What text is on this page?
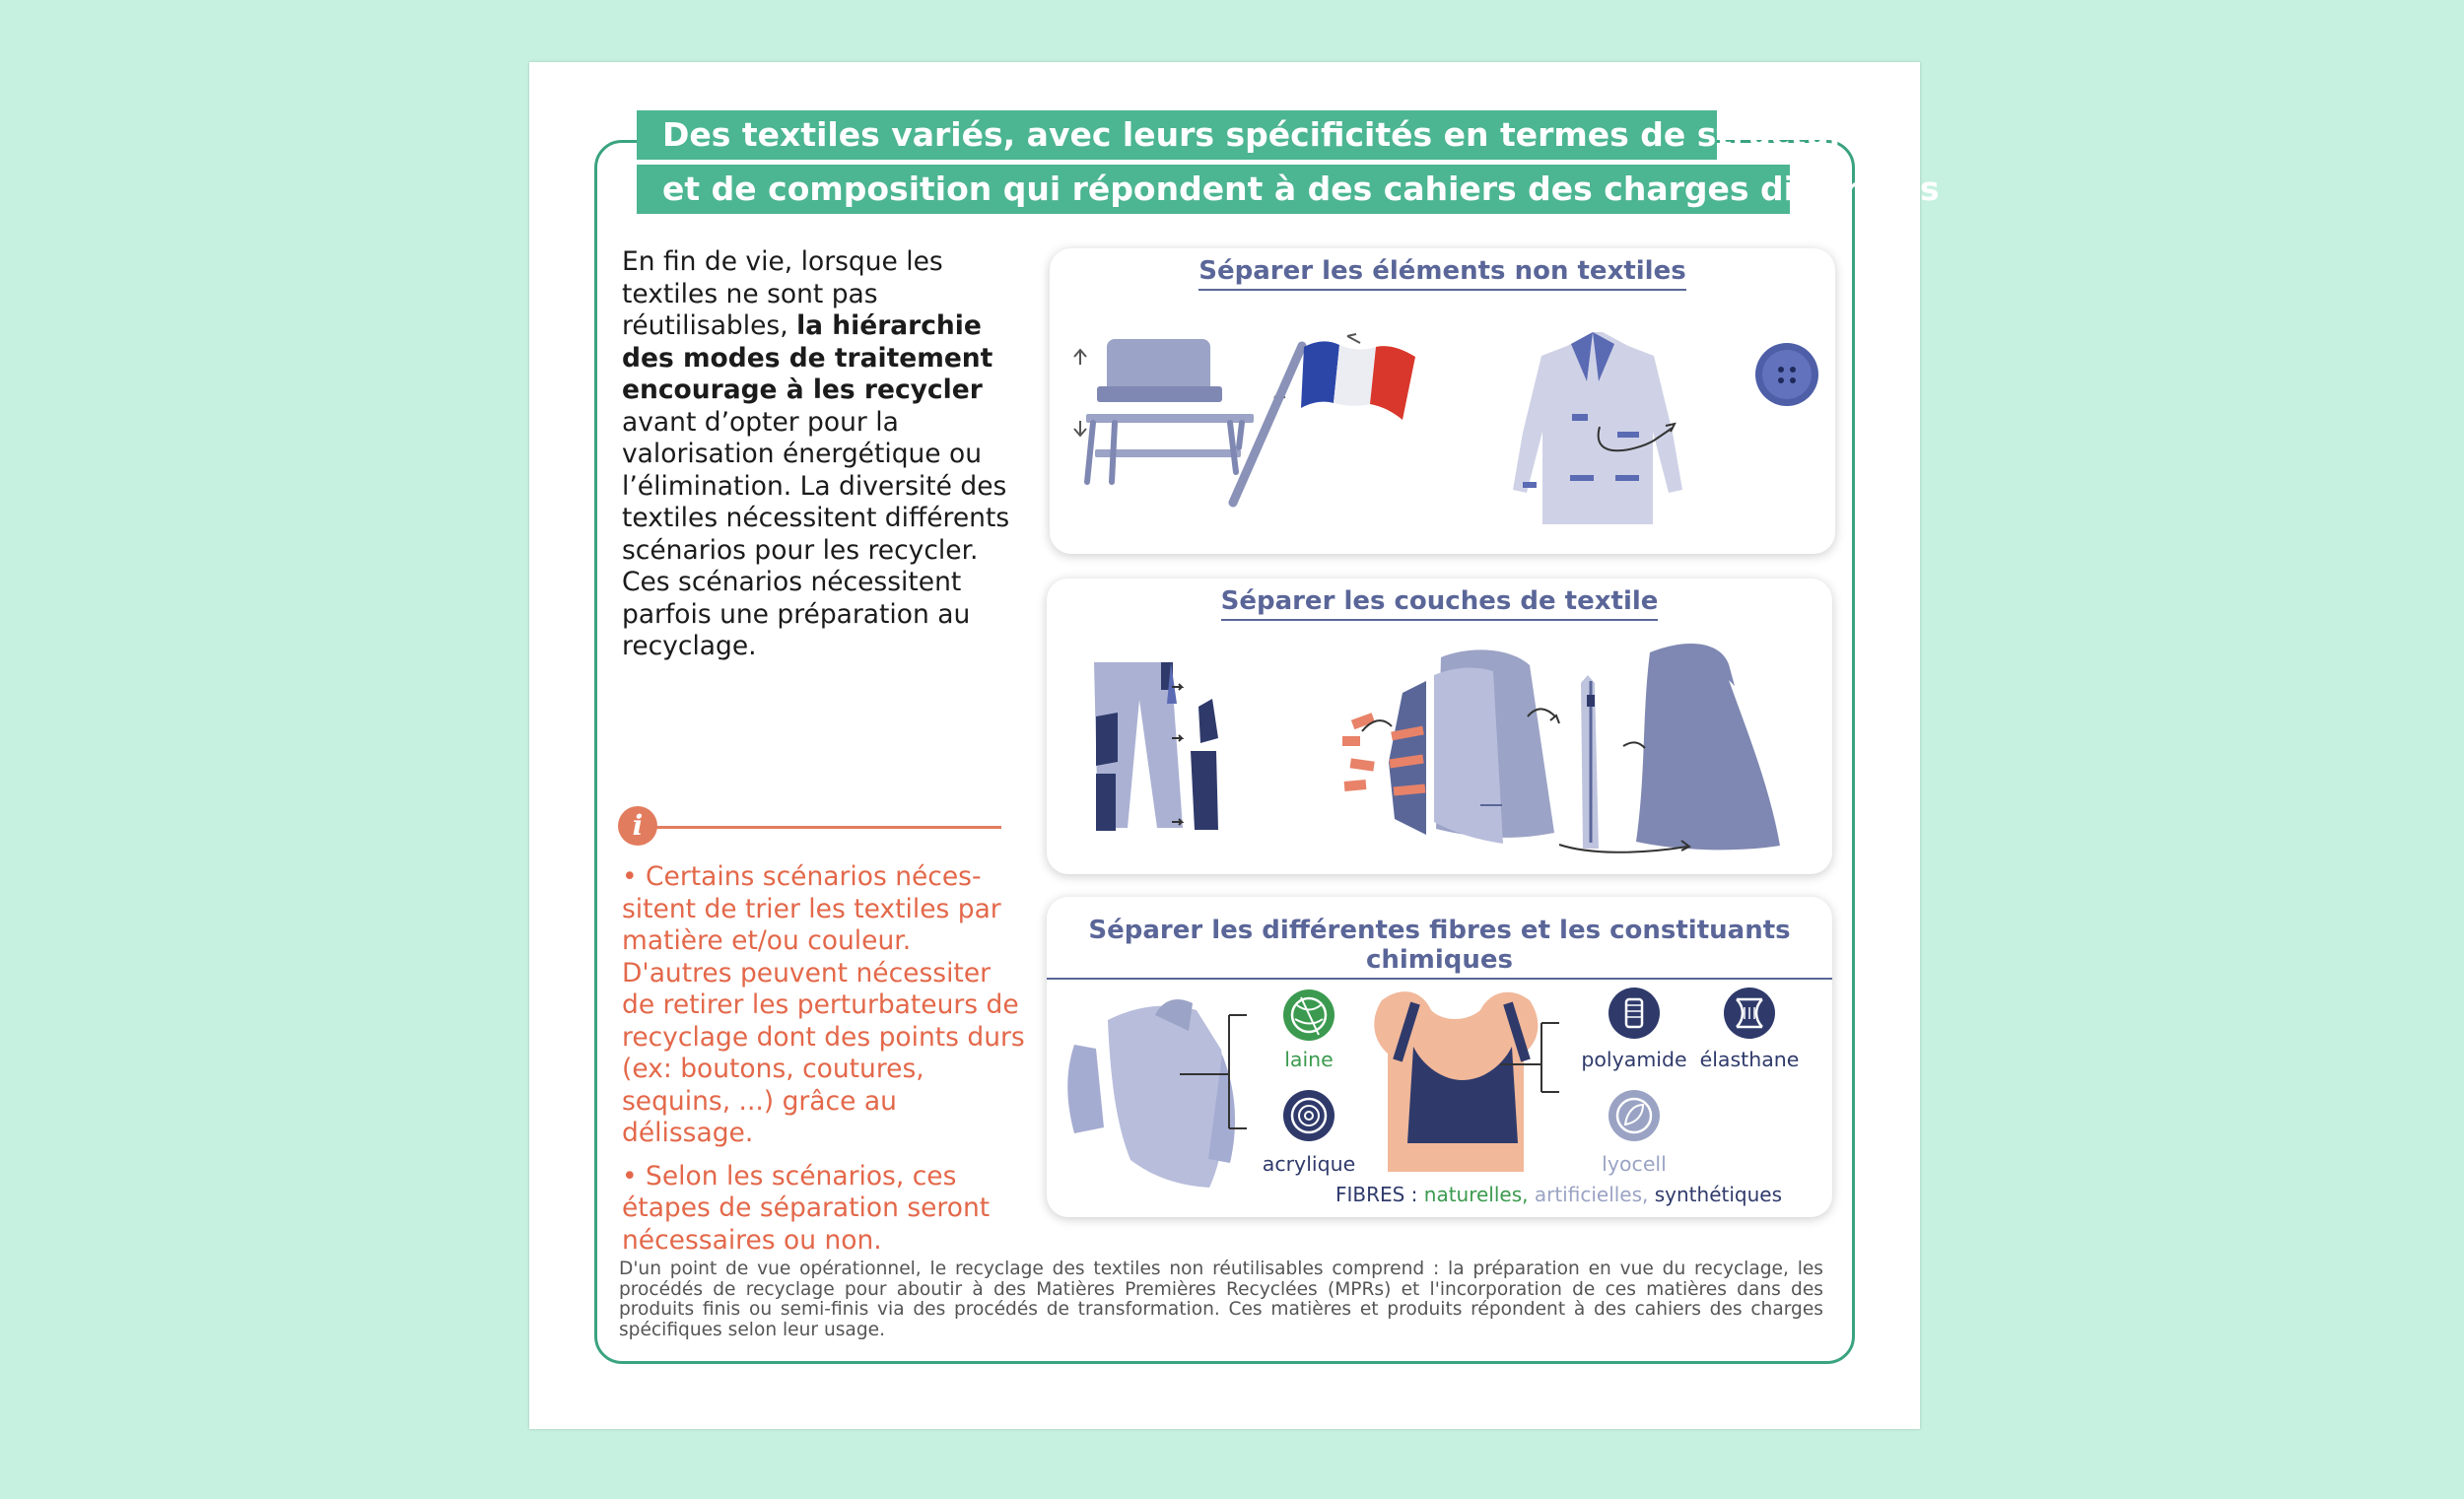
Des textiles variés, avec leurs spécificités en termes de structure
et de composition qui répondent à des cahiers des charges différents
En fin de vie, lorsque les textiles ne sont pas réutilisables, la hiérarchie des modes de traitement encourage à les recycler avant d’opter pour la valorisation énergétique ou l’élimination. La diversité des textiles nécessitent différents scénarios pour les recycler. Ces scénarios nécessitent parfois une préparation au recyclage.
i

• Certains scénarios néces-sitent de trier les textiles par matière et/ou couleur. D'autres peuvent nécessiter de retirer les perturbateurs de recyclage dont des points durs (ex: boutons, coutures, sequins, ...) grâce au délissage.

• Selon les scénarios, ces étapes de séparation seront nécessaires ou non.

Séparer les éléments non textiles
Séparer les couches de textile
Séparer les différentes fibres et les constituants chimiques
laine
acrylique
polyamide élasthane
lyocell
FIBRES : naturelles, artificielles, synthétiques
D'un point de vue opérationnel, le recyclage des textiles non réutilisables comprend : la préparation en vue du recyclage, les procédés de recyclage pour aboutir à des Matières Premières Recyclées (MPRs) et l'incorporation de ces matières dans des produits finis ou semi-finis via des procédés de transformation. Ces matières et produits répondent à des cahiers des charges spécifiques selon leur usage.
